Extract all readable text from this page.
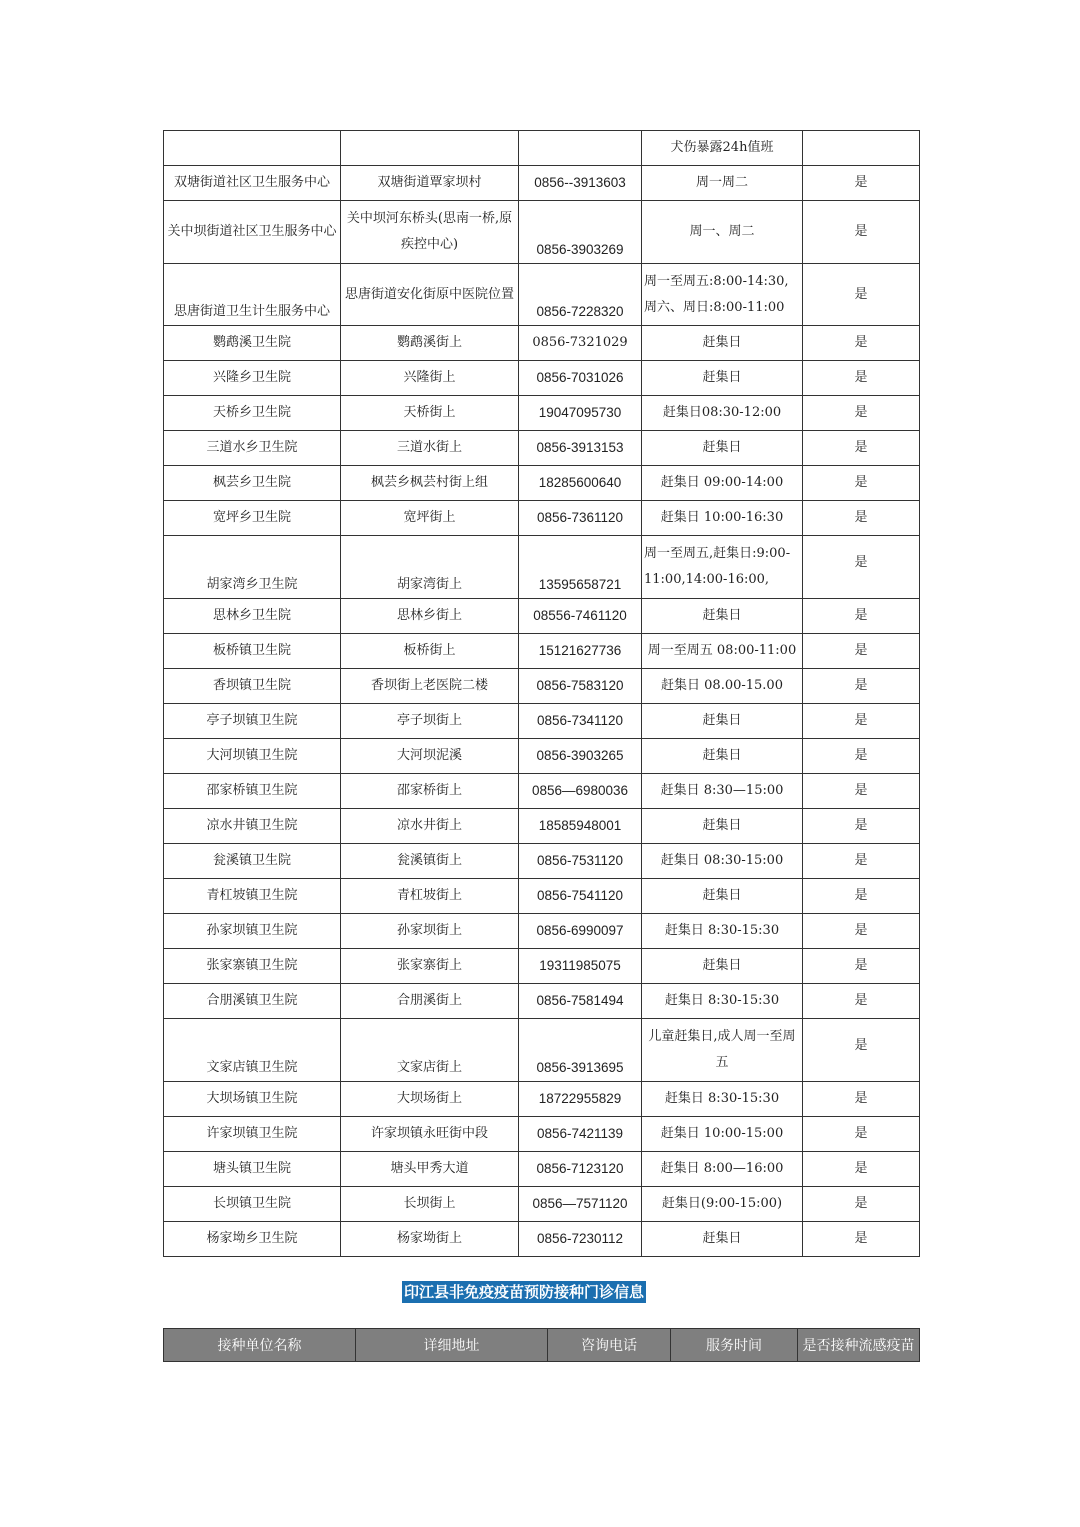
			犬伤暴露24h值班	
双塘街道社区卫生服务中心	双塘街道覃家坝村	0856--3913603	周一周二	是
关中坝街道社区卫生服务中心	关中坝河东桥头(思南一桥,原疾控中心)	0856-3903269	周一、周二	是
思唐街道卫生计生服务中心	思唐街道安化街原中医院位置	0856-7228320	周一至周五:8:00-14:30,周六、周日:8:00-11:00	是
鹦鹉溪卫生院	鹦鹉溪街上	0856-7321029	赶集日	是
兴隆乡卫生院	兴隆街上	0856-7031026	赶集日	是
天桥乡卫生院	天桥街上	19047095730	赶集日08:30-12:00	是
三道水乡卫生院	三道水街上	0856-3913153	赶集日	是
枫芸乡卫生院	枫芸乡枫芸村街上组	18285600640	赶集日 09:00-14:00	是
宽坪乡卫生院	宽坪街上	0856-7361120	赶集日 10:00-16:30	是
胡家湾乡卫生院	胡家湾街上	13595658721	周一至周五,赶集日:9:00-11:00,14:00-16:00,	是
思林乡卫生院	思林乡街上	08556-7461120	赶集日	是
板桥镇卫生院	板桥街上	15121627736	周一至周五 08:00-11:00	是
香坝镇卫生院	香坝街上老医院二楼	0856-7583120	赶集日 08.00-15.00	是
亭子坝镇卫生院	亭子坝街上	0856-7341120	赶集日	是
大河坝镇卫生院	大河坝泥溪	0856-3903265	赶集日	是
邵家桥镇卫生院	邵家桥街上	0856—6980036	赶集日 8:30—15:00	是
凉水井镇卫生院	凉水井街上	18585948001	赶集日	是
瓮溪镇卫生院	瓮溪镇街上	0856-7531120	赶集日 08:30-15:00	是
青杠坡镇卫生院	青杠坡街上	0856-7541120	赶集日	是
孙家坝镇卫生院	孙家坝街上	0856-6990097	赶集日 8:30-15:30	是
张家寨镇卫生院	张家寨街上	19311985075	赶集日	是
合朋溪镇卫生院	合朋溪街上	0856-7581494	赶集日 8:30-15:30	是
文家店镇卫生院	文家店街上	0856-3913695	儿童赶集日,成人周一至周五	是
大坝场镇卫生院	大坝场街上	18722955829	赶集日 8:30-15:30	是
许家坝镇卫生院	许家坝镇永旺街中段	0856-7421139	赶集日 10:00-15:00	是
塘头镇卫生院	塘头甲秀大道	0856-7123120	赶集日 8:00—16:00	是
长坝镇卫生院	长坝街上	0856—7571120	赶集日(9:00-15:00)	是
杨家坳乡卫生院	杨家坳街上	0856-7230112	赶集日	是
印江县非免疫疫苗预防接种门诊信息
接种单位名称	详细地址	咨询电话	服务时间	是否接种流感疫苗
